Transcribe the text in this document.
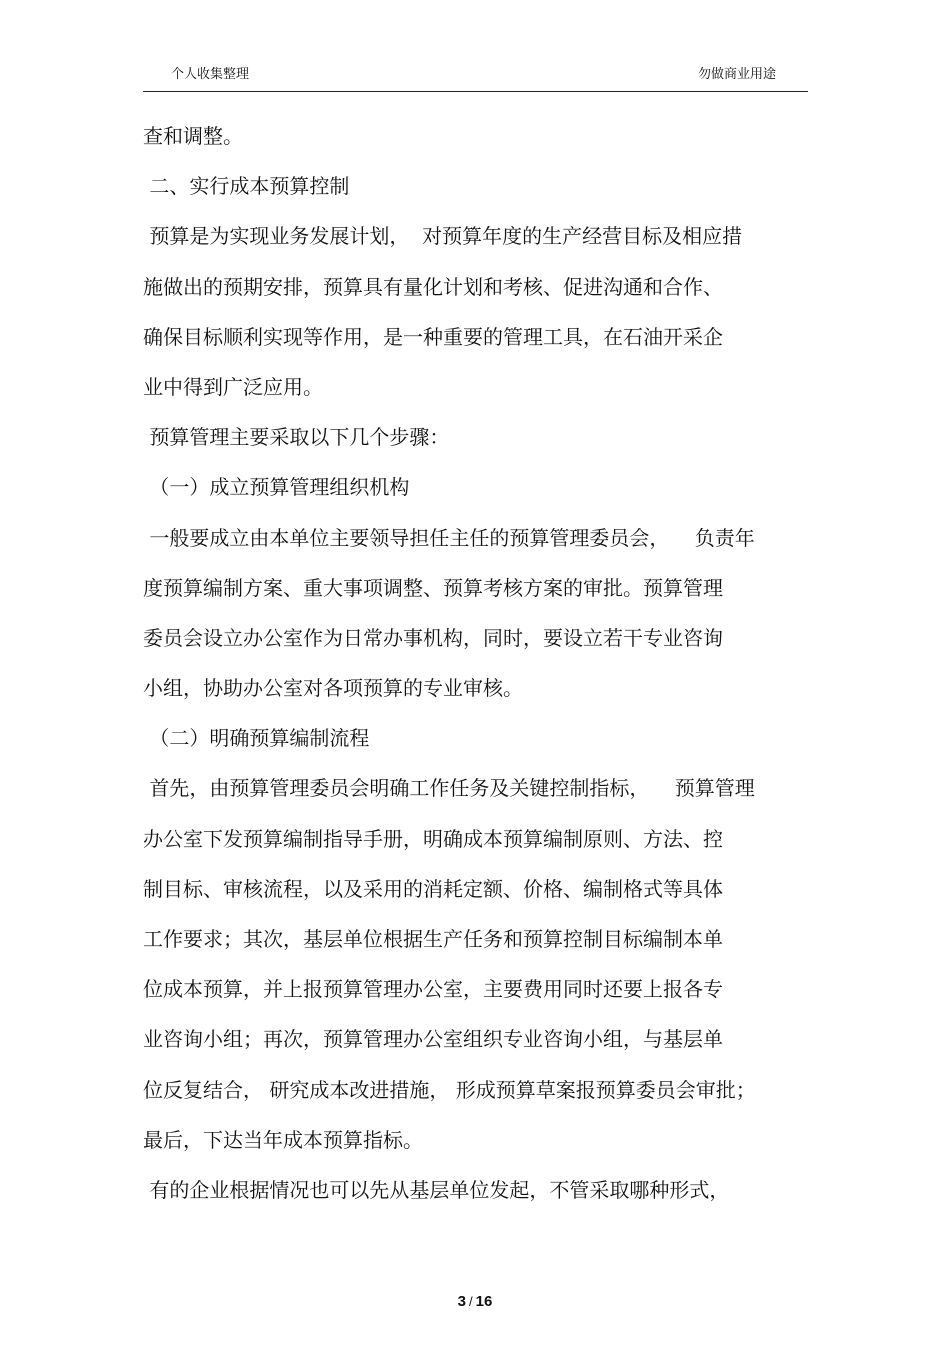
个人收集整理	勿做商业用途
查和调整。
二、实行成本预算控制
预算是为实现业务发展计划，  对预算年度的生产经营目标及相应措
施做出的预期安排，预算具有量化计划和考核、促进沟通和合作、
确保目标顺利实现等作用，是一种重要的管理工具，在石油开采企
业中得到广泛应用。
预算管理主要采取以下几个步骤：
（一）成立预算管理组织机构
一般要成立由本单位主要领导担任主任的预算管理委员会，    负责年
度预算编制方案、重大事项调整、预算考核方案的审批。预算管理
委员会设立办公室作为日常办事机构，同时，要设立若干专业咨询
小组，协助办公室对各项预算的专业审核。
（二）明确预算编制流程
首先，由预算管理委员会明确工作任务及关键控制指标，    预算管理
办公室下发预算编制指导手册，明确成本预算编制原则、方法、控
制目标、审核流程，以及采用的消耗定额、价格、编制格式等具体
工作要求；其次，基层单位根据生产任务和预算控制目标编制本单
位成本预算，并上报预算管理办公室，主要费用同时还要上报各专
业咨询小组；再次，预算管理办公室组织专业咨询小组，与基层单
位反复结合， 研究成本改进措施， 形成预算草案报预算委员会审批；
最后，下达当年成本预算指标。
有的企业根据情况也可以先从基层单位发起，不管采取哪种形式，
3 / 16
